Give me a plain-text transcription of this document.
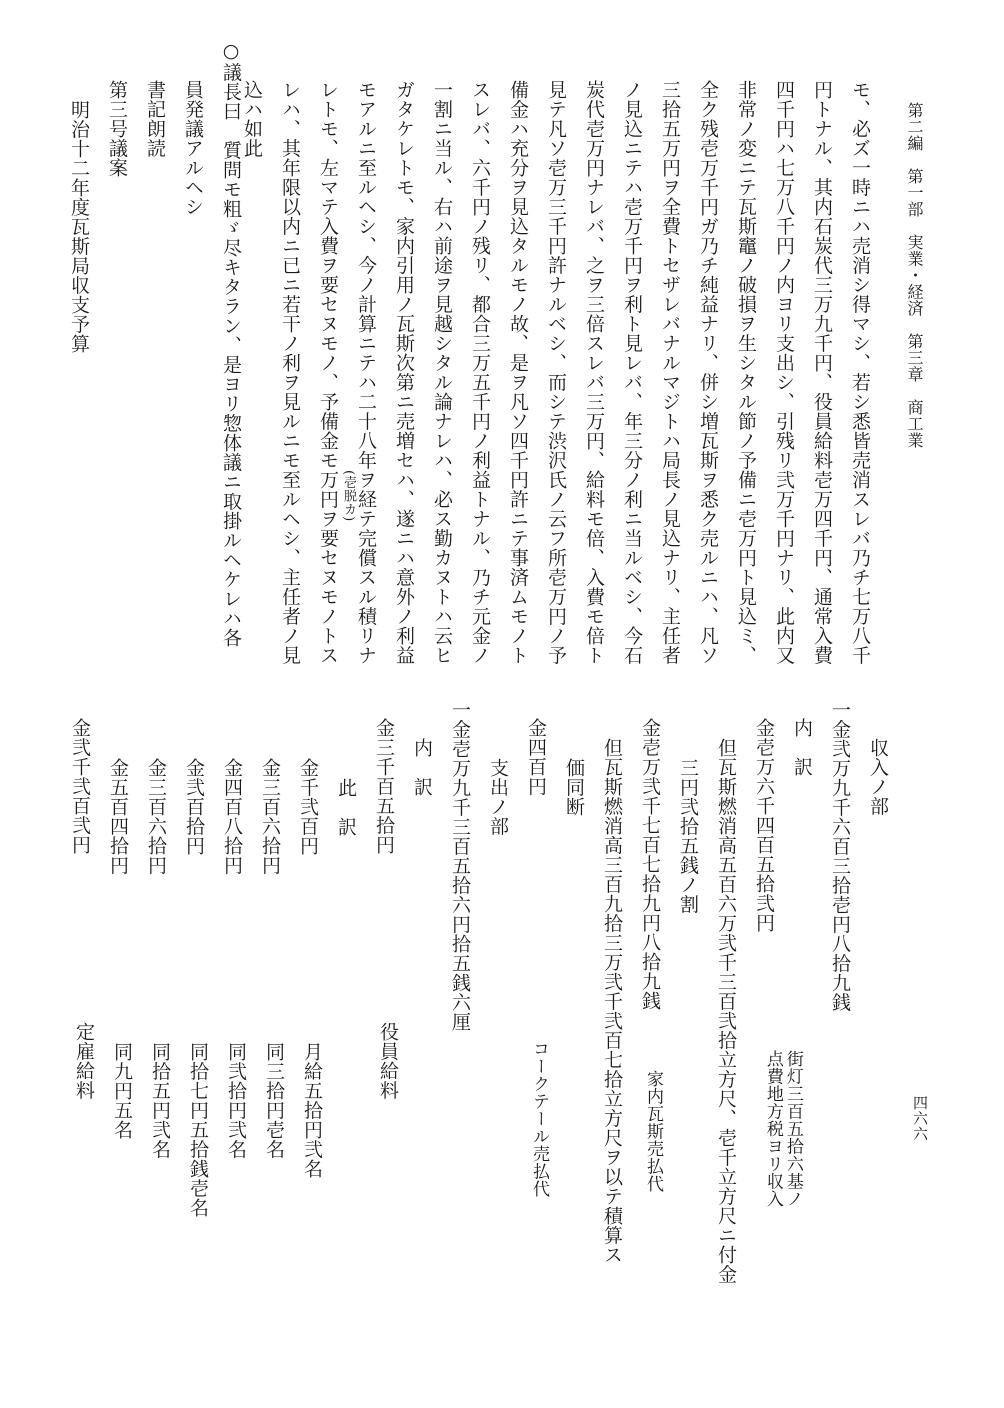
第二編　第一部　実業・経済　第三章　商工業
四六六
モ、必ズ一時ニハ売消シ得マシ、若シ悉皆売消スレバ乃チ七万八千
円トナル、其内石炭代三万九千円、役員給料壱万四千円、通常入費
四千円ハ七万八千円ノ内ヨリ支出シ、引残リ弐万千円ナリ、此内又
非常ノ変ニテ瓦斯竈ノ破損ヲ生シタル節ノ予備ニ壱万円ト見込ミ、
全ク残壱万千円ガ乃チ純益ナリ、併シ増瓦斯ヲ悉ク売ルニハ、凡ソ
三拾五万円ヲ全費トセザレバナルマジトハ局長ノ見込ナリ、主任者
ノ見込ニテハ壱万千円ヲ利ト見レバ、年三分ノ利ニ当ルベシ、今石
炭代壱万円ナレバ、之ヲ三倍スレバ三万円、給料モ倍、入費モ倍ト
見テ凡ソ壱万三千円許ナルベシ、而シテ渋沢氏ノ云フ所壱万円ノ予
備金ハ充分ヲ見込タルモノ故、是ヲ凡ソ四千円許ニテ事済ムモノト
スレバ、六千円ノ残リ、都合三万五千円ノ利益トナル、乃チ元金ノ
一割ニ当ル、右ハ前途ヲ見越シタル論ナレハ、必ス勤カヌトハ云ヒ
ガタケレトモ、家内引用ノ瓦斯次第ニ売増セハ、遂ニハ意外ノ利益
モアルニ至ルヘシ、今ノ計算ニテハ二十八年ヲ経テ完償スル積リナ
レトモ、左マテ入費ヲ要セヌモノ、予備金モ万円ヲ要セヌモノトス
レハ、其年限以内ニ已ニ若干ノ利ヲ見ルニモ至ルヘシ、主任者ノ見
込ハ如此
○議長曰　質問モ粗ゞ尽キタラン、是ヨリ惣体議ニ取掛ルヘケレハ各
員発議アルヘシ
書記朗読
第三号議案
明治十二年度瓦斯局収支予算
(壱脱カ)
収入ノ部
一金弐万九千六百三拾壱円八拾九銭
内　訳
金壱万六千四百五拾弐円
街灯三百五拾六基ノ
点費地方税ヨリ収入
但瓦斯燃消高五百六万弐千三百弐拾立方尺、壱千立方尺ニ付金
三円弐拾五銭ノ割
金壱万弐千七百七拾九円八拾九銭
家内瓦斯売払代
但瓦斯燃消高三百九拾三万弐千弐百七拾立方尺ヲ以テ積算ス
価同断
金四百円
コークテール売払代
支出ノ部
一金壱万九千三百五拾六円拾五銭六厘
内　訳
金三千百五拾円
役員給料
此　訳
金千弐百円
月給五拾円弐名
金三百六拾円
同三拾円壱名
金四百八拾円
同弐拾円弐名
金弐百拾円
同拾七円五拾銭壱名
金三百六拾円
同拾五円弐名
金五百四拾円
同九円五名
金弐千弐百弐円
定雇給料
